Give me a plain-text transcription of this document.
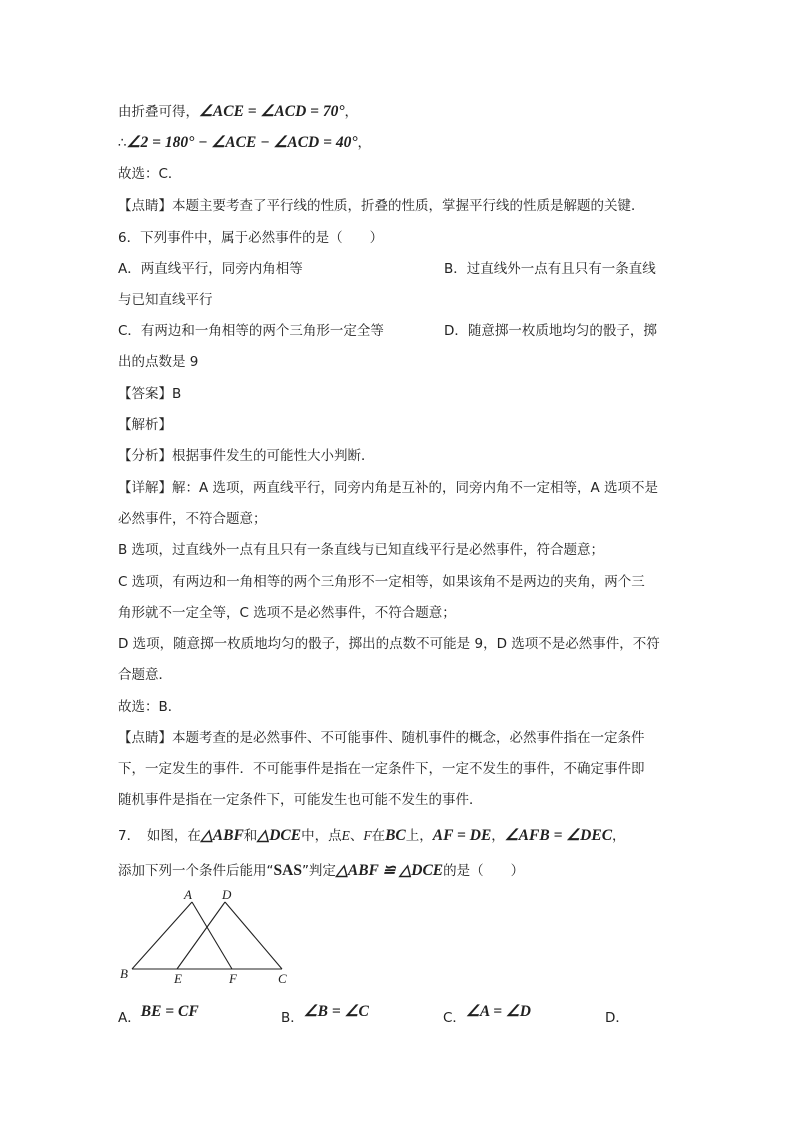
由折叠可得，∠ACE = ∠ACD = 70°，
∴∠2 = 180° − ∠ACE − ∠ACD = 40°，
故选：C．
【点睛】本题主要考查了平行线的性质，折叠的性质，掌握平行线的性质是解题的关键．
6．下列事件中，属于必然事件的是（　　）
A．两直线平行，同旁内角相等	B．过直线外一点有且只有一条直线
与已知直线平行
C．有两边和一角相等的两个三角形一定全等	D．随意掷一枚质地均匀的骰子，掷
出的点数是 9
【答案】B
【解析】
【分析】根据事件发生的可能性大小判断．
【详解】解：A 选项，两直线平行，同旁内角是互补的，同旁内角不一定相等，A 选项不是
必然事件，不符合题意；
B 选项，过直线外一点有且只有一条直线与已知直线平行是必然事件，符合题意；
C 选项，有两边和一角相等的两个三角形不一定相等，如果该角不是两边的夹角，两个三
角形就不一定全等，C 选项不是必然事件，不符合题意；
D 选项，随意掷一枚质地均匀的骰子，掷出的点数不可能是 9，D 选项不是必然事件，不符
合题意．
故选：B．
【点睛】本题考查的是必然事件、不可能事件、随机事件的概念，必然事件指在一定条件
下，一定发生的事件．不可能事件是指在一定条件下，一定不发生的事件，不确定事件即
随机事件是指在一定条件下，可能发生也可能不发生的事件．
7．　如图，在△ABF和△DCE中，点E、F在BC上，AF = DE，∠AFB = ∠DEC，
添加下列一个条件后能用“SAS”判定△ABF ≌ △DCE的是（　　）
A D
B	E	F	C
A．BE = CF	B．∠B = ∠C	C．∠A = ∠D	D．
